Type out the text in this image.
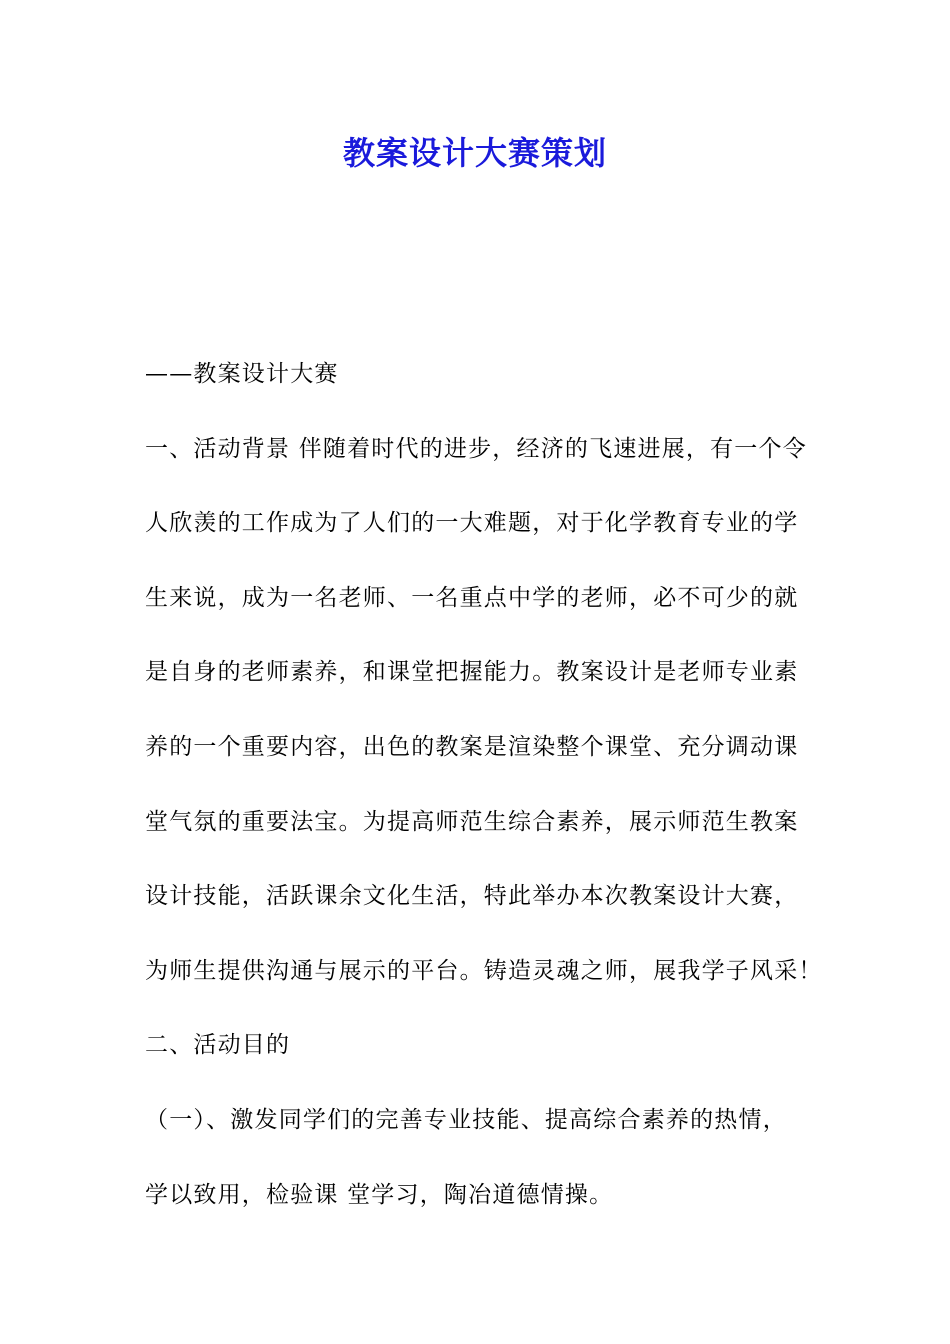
教案设计大赛策划
——教案设计大赛
一、活动背景 伴随着时代的进步，经济的飞速进展，有一个令
人欣羡的工作成为了人们的一大难题，对于化学教育专业的学
生来说，成为一名老师、一名重点中学的老师，必不可少的就
是自身的老师素养，和课堂把握能力。教案设计是老师专业素
养的一个重要内容，出色的教案是渲染整个课堂、充分调动课
堂气氛的重要法宝。为提高师范生综合素养，展示师范生教案
设计技能，活跃课余文化生活，特此举办本次教案设计大赛，
为师生提供沟通与展示的平台。铸造灵魂之师，展我学子风采！
二、活动目的
（一）、激发同学们的完善专业技能、提高综合素养的热情，
学以致用，检验课 堂学习，陶冶道德情操。
